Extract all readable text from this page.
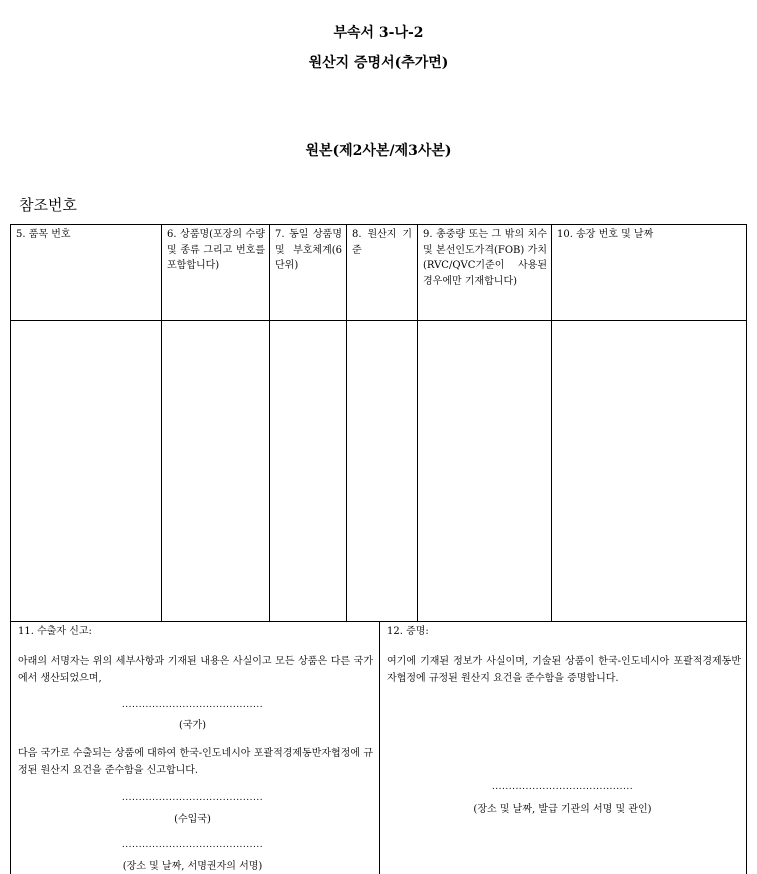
부속서 3-나-2
원산지 증명서(추가면)
원본(제2사본/제3사본)
참조번호
5. 품목 번호	6. 상품명(포장의 수량 및 종류 그리고 번호를 포함합니다)
7. 동일 상품명 및 부호체계(6단위)
8. 원산지 기준
9. 총중량 또는 그 밖의 치수 및 본선인도가격(FOB) 가치 (RVC/QVC기준이 사용된 경우에만 기재합니다)
10. 송장 번호 및 날짜
11. 수출자 신고:
아래의 서명자는 위의 세부사항과 기재된 내용은 사실이고 모든 상품은 다른 국가에서 생산되었으며,
..........................................
(국가)
다음 국가로 수출되는 상품에 대하여 한국-인도네시아 포괄적경제동반자협정에 규정된 원산지 요건을 준수함을 신고합니다.
..........................................
(수입국)
..........................................
(장소 및 날짜, 서명권자의 서명)
12. 증명:
여기에 기재된 정보가 사실이며, 기술된 상품이 한국-인도네시아 포괄적경제동반자협정에 규정된 원산지 요건을 준수함을 증명합니다.
..........................................
(장소 및 날짜, 발급 기관의 서명 및 관인)
